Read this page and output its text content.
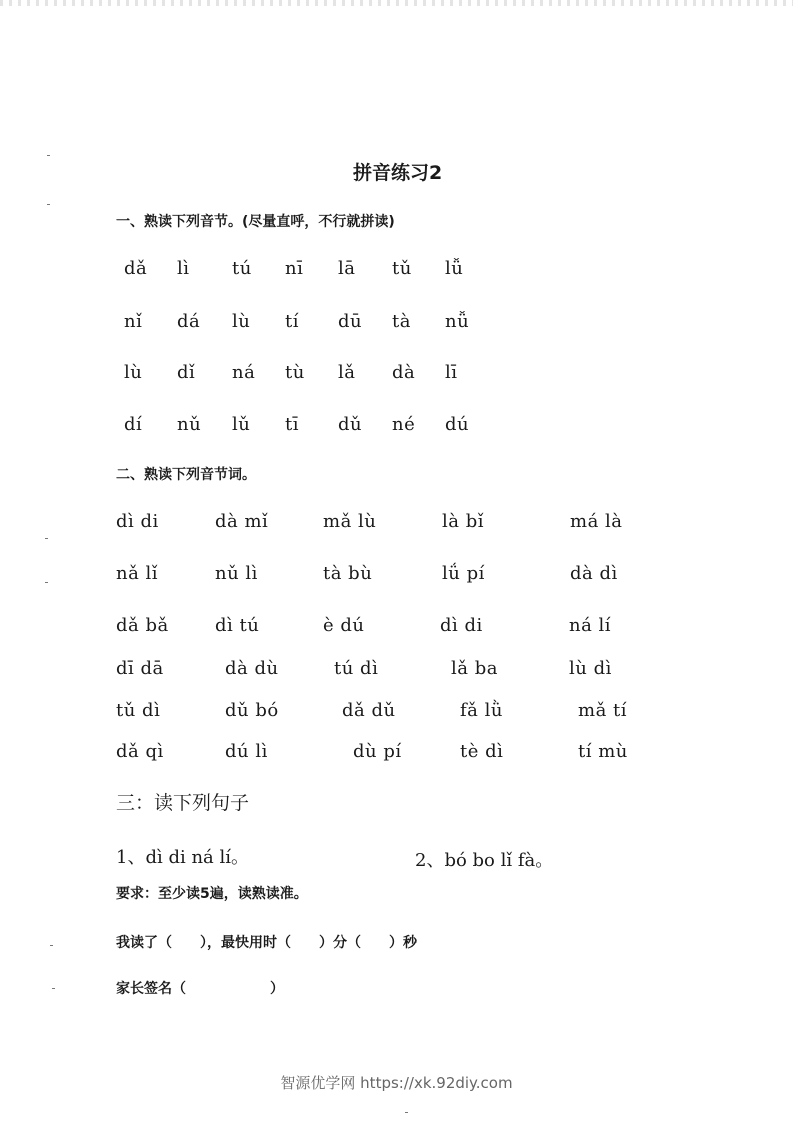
拼音练习2
一、熟读下列音节。(尽量直呼，不行就拼读)
dǎ lì tú nī lā tǔ lǚ
nǐ dá lù tí dū tà nǚ
lù dǐ ná tù lǎ dà lī
dí nǔ lǔ tī dǔ né dú
二、熟读下列音节词。
dì di	dà mǐ	mǎ lù	là bǐ	má là
nǎ lǐ	nǔ lì	tà bù	lǘ pí	dà dì
dǎ bǎ	dì tú	è dú	dì di	ná lí
dī dā	dà dù	tú dì	lǎ ba	lù dì
tǔ dì	dǔ bó	dǎ dǔ	fǎ lǜ	mǎ tí
dǎ qì	dú lì	dù pí	tè dì	tí mù
三：读下列句子
1、dì di ná lí。	2、bó bo lǐ fà。
要求：至少读5遍，读熟读准。
我读了（　　），最快用时（　　）分（　　）秒
家长签名（　　　　　　）
智源优学网 https://xk.92diy.com
